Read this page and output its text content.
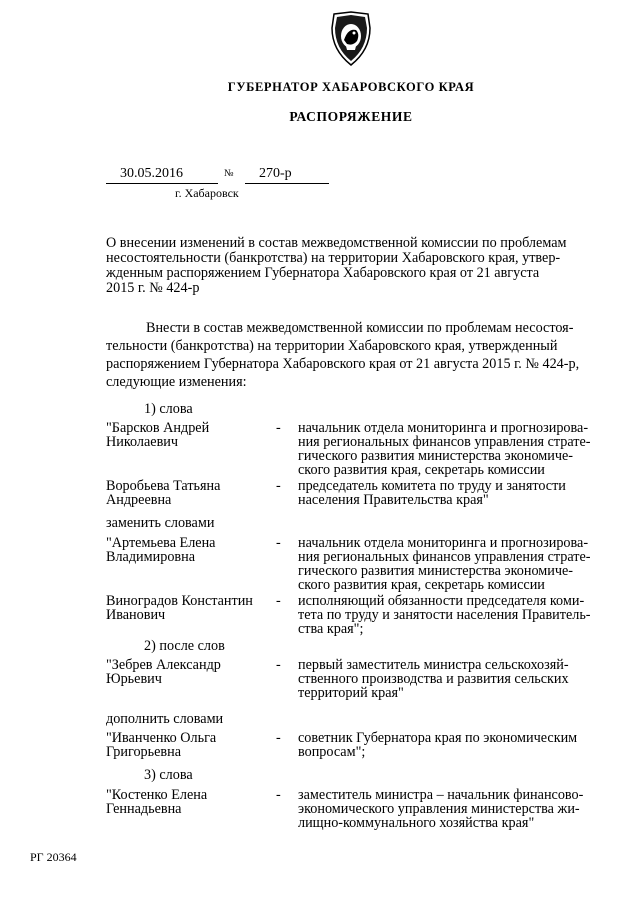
ГУБЕРНАТОР ХАБАРОВСКОГО КРАЯ
РАСПОРЯЖЕНИЕ
30.05.2016	№ 270-р
г. Хабаровск
О внесении изменений в состав межведомственной комиссии по проблемам
несостоятельности (банкротства) на территории Хабаровского края, утвер-
жденным распоряжением Губернатора Хабаровского края от 21 августа
2015 г. № 424-р
Внести в состав межведомственной комиссии по проблемам несостоя-
тельности (банкротства) на территории Хабаровского края, утвержденный
распоряжением Губернатора Хабаровского края от 21 августа 2015 г. № 424-р,
следующие изменения:
1) слова
"Барсков Андрей
Николаевич
- начальник отдела мониторинга и прогнозирова-
ния региональных финансов управления страте-
гического развития министерства экономиче-
ского развития края, секретарь комиссии
Воробьева Татьяна
Андреевна
- председатель комитета по труду и занятости
населения Правительства края"
заменить словами
"Артемьева Елена
Владимировна
- начальник отдела мониторинга и прогнозирова-
ния региональных финансов управления страте-
гического развития министерства экономиче-
ского развития края, секретарь комиссии
Виноградов Константин
Иванович
- исполняющий обязанности председателя коми-
тета по труду и занятости населения Правитель-
ства края";
2) после слов
"Зебрев Александр
Юрьевич
- первый заместитель министра сельскохозяй-
ственного производства и развития сельских
территорий края"
дополнить словами
"Иванченко Ольга
Григорьевна
- советник Губернатора края по экономическим
вопросам";
3) слова
"Костенко Елена
Геннадьевна
- заместитель министра – начальник финансово-
экономического управления министерства жи-
лищно-коммунального хозяйства края"
РГ 20364
